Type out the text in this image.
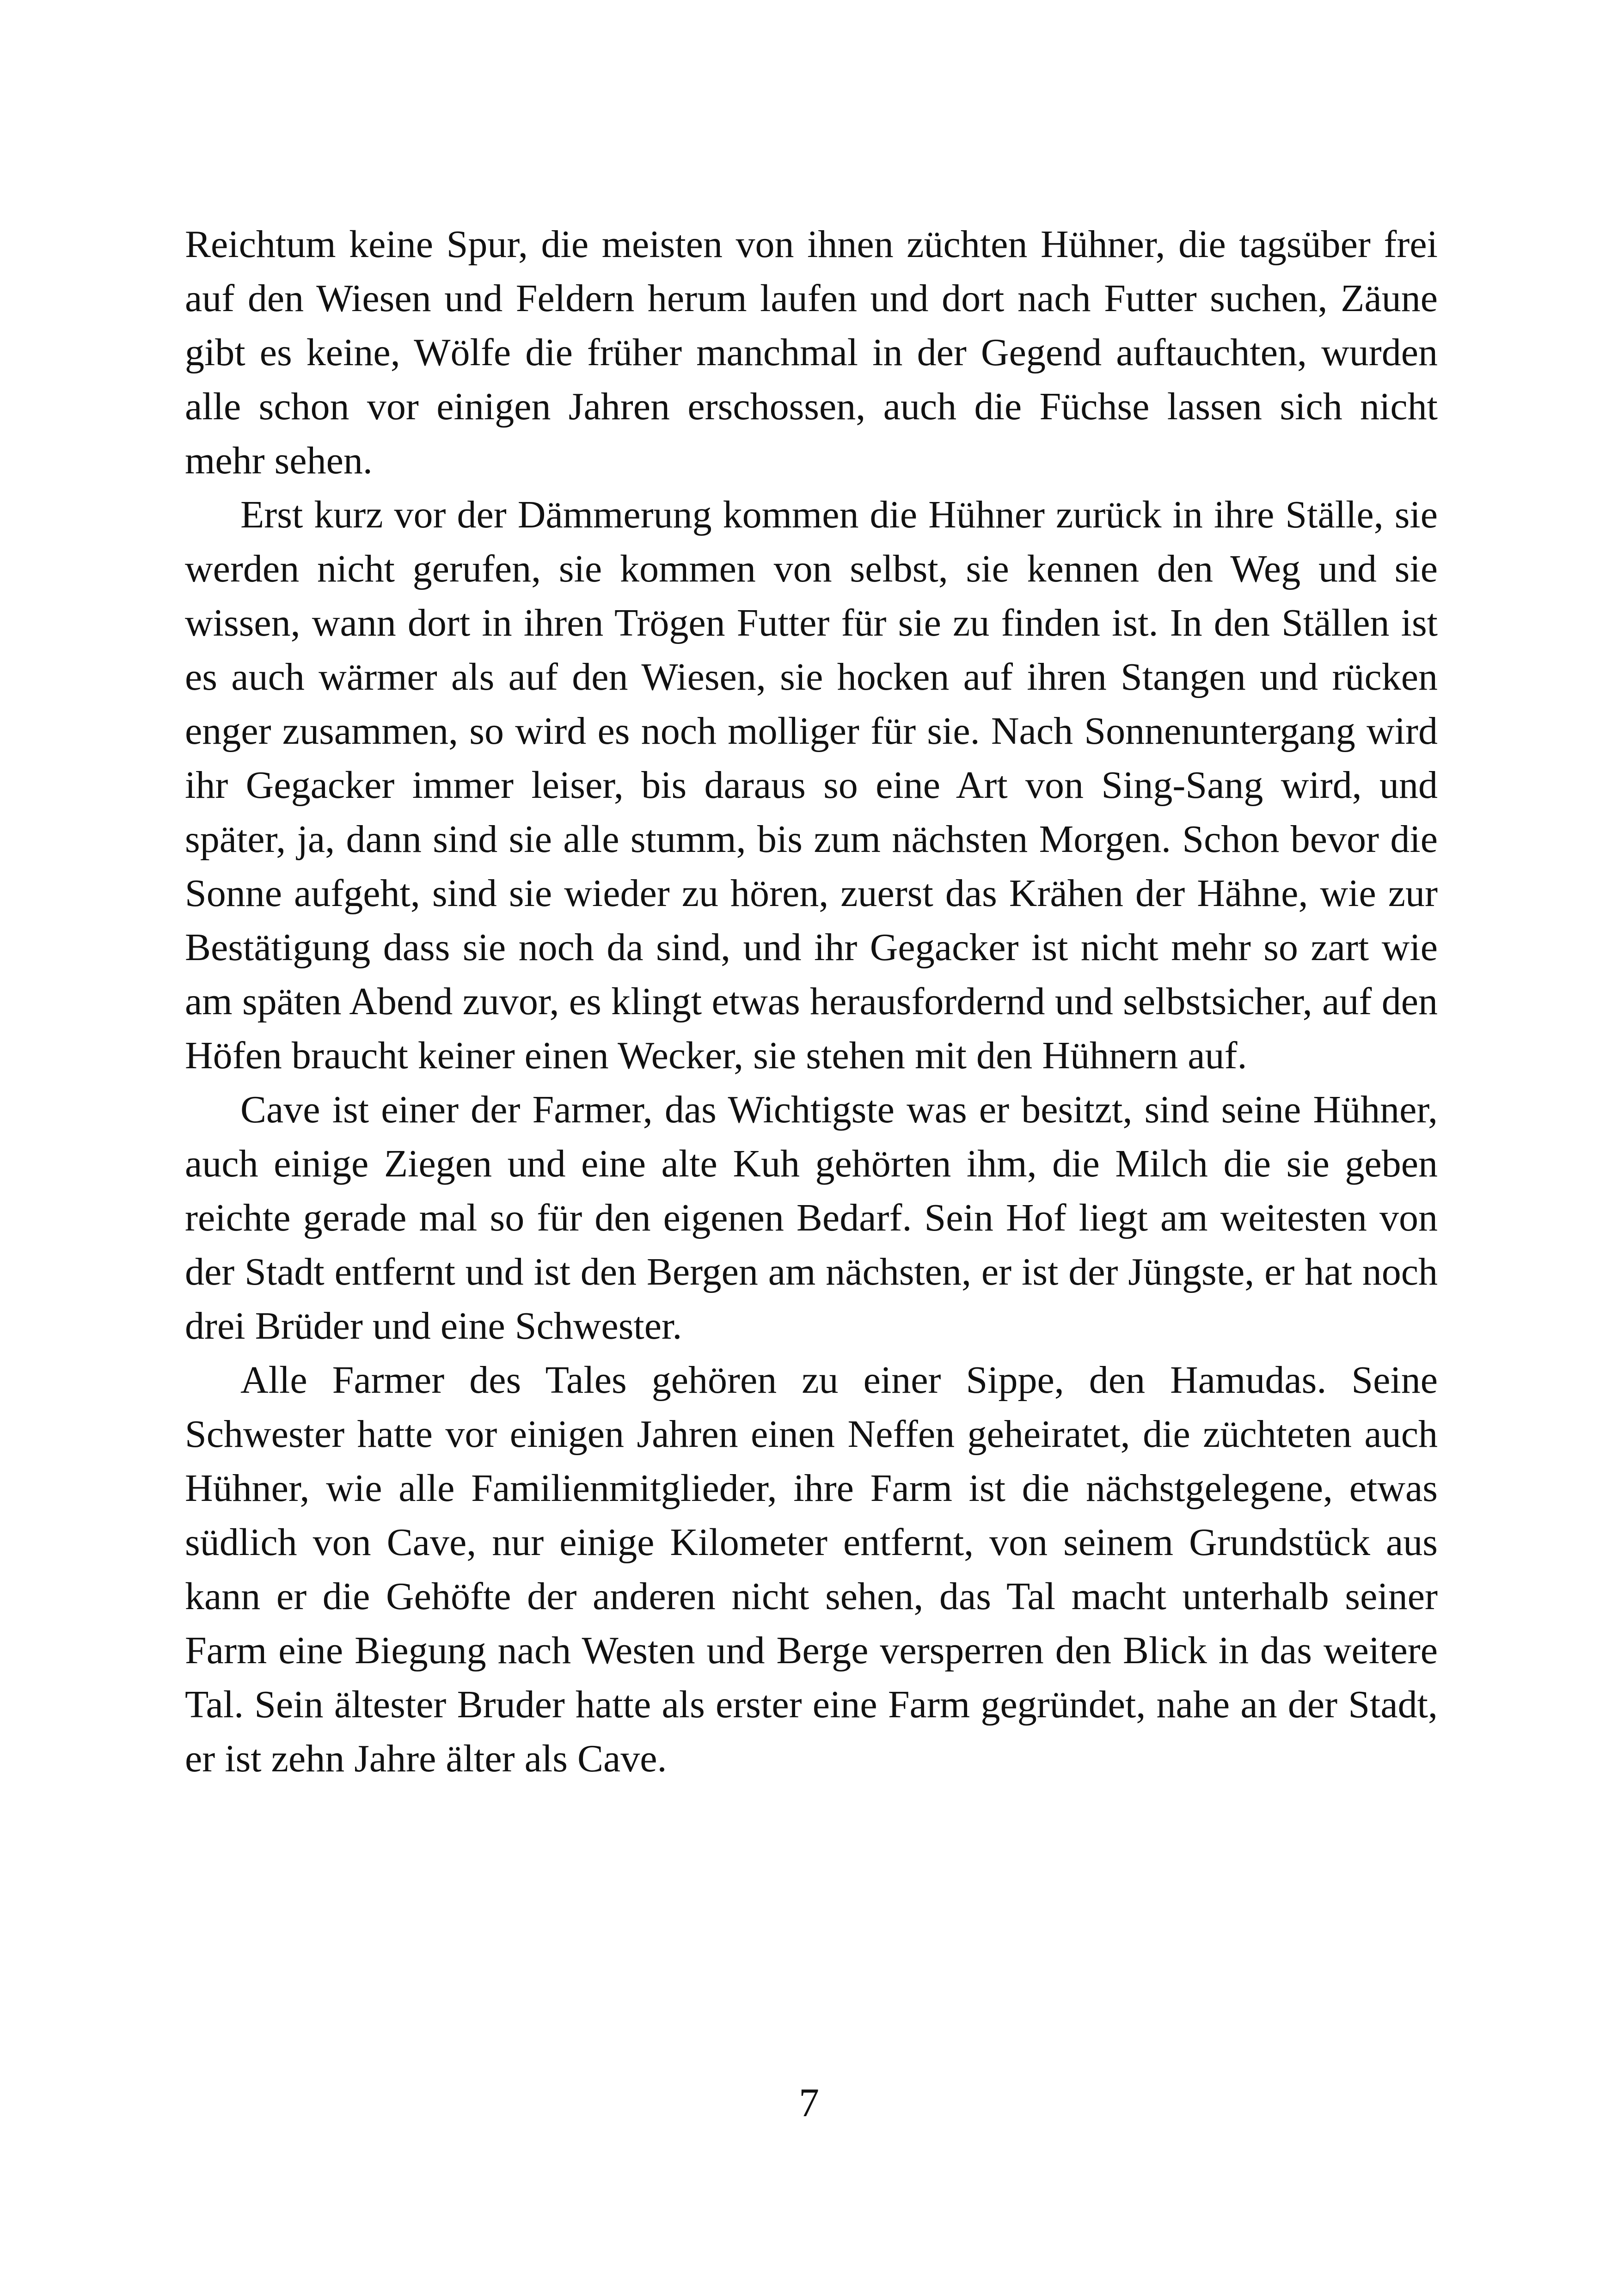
Reichtum keine Spur, die meisten von ihnen züchten Hühner, die tagsüber frei auf den Wiesen und Feldern herum laufen und dort nach Futter suchen, Zäune gibt es keine, Wölfe die früher manchmal in der Gegend auftauchten, wurden alle schon vor einigen Jahren erschossen, auch die Füchse lassen sich nicht mehr sehen.

Erst kurz vor der Dämmerung kommen die Hühner zurück in ihre Ställe, sie werden nicht gerufen, sie kommen von selbst, sie kennen den Weg und sie wissen, wann dort in ihren Trögen Futter für sie zu finden ist. In den Ställen ist es auch wärmer als auf den Wiesen, sie hocken auf ihren Stangen und rücken enger zusammen, so wird es noch molliger für sie. Nach Sonnenuntergang wird ihr Gegacker immer leiser, bis daraus so eine Art von Sing-Sang wird, und später, ja, dann sind sie alle stumm, bis zum nächsten Morgen. Schon bevor die Sonne aufgeht, sind sie wieder zu hören, zuerst das Krähen der Hähne, wie zur Bestätigung dass sie noch da sind, und ihr Gegacker ist nicht mehr so zart wie am späten Abend zuvor, es klingt etwas herausfordernd und selbstsicher, auf den Höfen braucht keiner einen Wecker, sie stehen mit den Hühnern auf.

Cave ist einer der Farmer, das Wichtigste was er besitzt, sind seine Hühner, auch einige Ziegen und eine alte Kuh gehörten ihm, die Milch die sie geben reichte gerade mal so für den eigenen Bedarf. Sein Hof liegt am weitesten von der Stadt entfernt und ist den Bergen am nächsten, er ist der Jüngste, er hat noch drei Brüder und eine Schwester.

Alle Farmer des Tales gehören zu einer Sippe, den Hamudas. Seine Schwester hatte vor einigen Jahren einen Neffen geheiratet, die züchteten auch Hühner, wie alle Familienmitglieder, ihre Farm ist die nächstgelegene, etwas südlich von Cave, nur einige Kilometer entfernt, von seinem Grundstück aus kann er die Gehöfte der anderen nicht sehen, das Tal macht unterhalb seiner Farm eine Biegung nach Westen und Berge versperren den Blick in das weitere Tal. Sein ältester Bruder hatte als erster eine Farm gegründet, nahe an der Stadt, er ist zehn Jahre älter als Cave.

7
